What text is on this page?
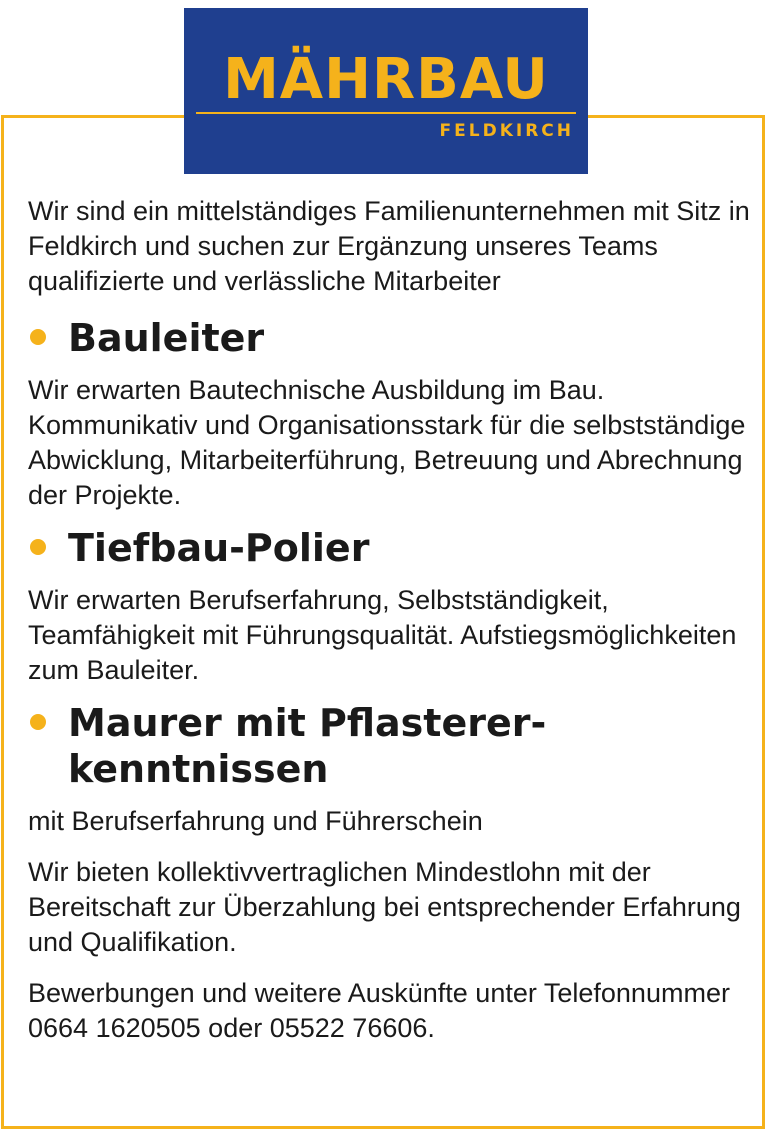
MÄHRBAU
FELDKIRCH

Wir sind ein mittelständiges Familienunternehmen mit Sitz in Feldkirch und suchen zur Ergänzung unseres Teams qualifizierte und verlässliche Mitarbeiter

Bauleiter

Wir erwarten Bautechnische Ausbildung im Bau. Kommunikativ und Organisationsstark für die selbstständige Abwicklung, Mitarbeiterführung, Betreuung und Abrechnung der Projekte.

Tiefbau-Polier

Wir erwarten Berufserfahrung, Selbstständigkeit, Teamfähigkeit mit Führungsqualität. Aufstiegsmöglichkeiten zum Bauleiter.

Maurer mit Pflasterer-kenntnissen

mit Berufserfahrung und Führerschein

Wir bieten kollektivvertraglichen Mindestlohn mit der Bereitschaft zur Überzahlung bei entsprechender Erfahrung und Qualifikation.

Bewerbungen und weitere Auskünfte unter Telefonnummer 0664 1620505 oder 05522 76606.
